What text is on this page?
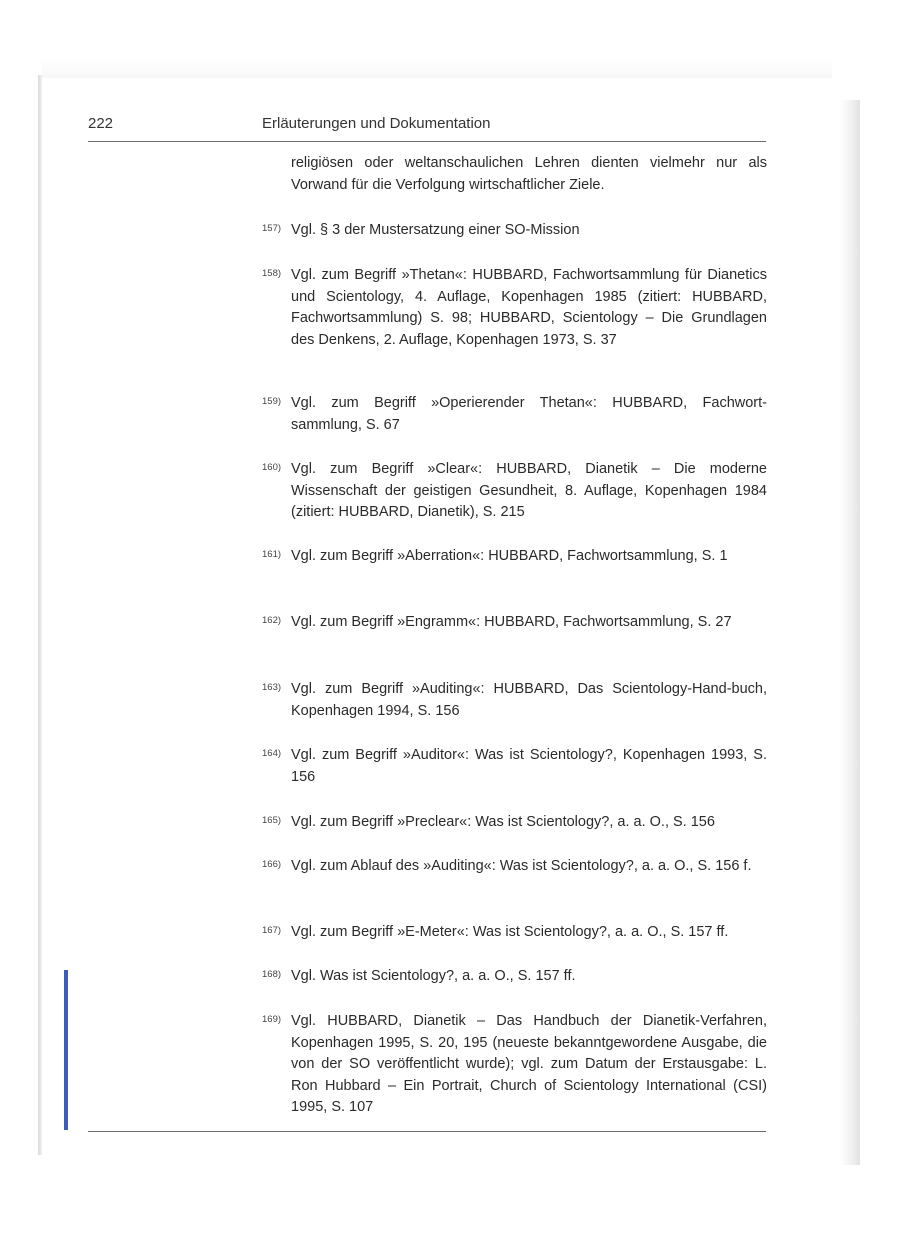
222	Erläuterungen und Dokumentation
religiösen oder weltanschaulichen Lehren dienten vielmehr nur als Vorwand für die Verfolgung wirtschaftlicher Ziele.
157) Vgl. § 3 der Mustersatzung einer SO-Mission
158) Vgl. zum Begriff »Thetan«: HUBBARD, Fachwortsammlung für Dianetics und Scientology, 4. Auflage, Kopenhagen 1985 (zitiert: HUBBARD, Fachwortsammlung) S. 98; HUBBARD, Scientology – Die Grundlagen des Denkens, 2. Auflage, Kopenhagen 1973, S. 37
159) Vgl. zum Begriff »Operierender Thetan«: HUBBARD, Fachwort-sammlung, S. 67
160) Vgl. zum Begriff »Clear«: HUBBARD, Dianetik – Die moderne Wissenschaft der geistigen Gesundheit, 8. Auflage, Kopenhagen 1984 (zitiert: HUBBARD, Dianetik), S. 215
161) Vgl. zum Begriff »Aberration«: HUBBARD, Fachwortsammlung, S. 1
162) Vgl. zum Begriff »Engramm«: HUBBARD, Fachwortsammlung, S. 27
163) Vgl. zum Begriff »Auditing«: HUBBARD, Das Scientology-Hand-buch, Kopenhagen 1994, S. 156
164) Vgl. zum Begriff »Auditor«: Was ist Scientology?, Kopenhagen 1993, S. 156
165) Vgl. zum Begriff »Preclear«: Was ist Scientology?, a. a. O., S. 156
166) Vgl. zum Ablauf des »Auditing«: Was ist Scientology?, a. a. O., S. 156 f.
167) Vgl. zum Begriff »E-Meter«: Was ist Scientology?, a. a. O., S. 157 ff.
168) Vgl. Was ist Scientology?, a. a. O., S. 157 ff.
169) Vgl. HUBBARD, Dianetik – Das Handbuch der Dianetik-Verfahren, Kopenhagen 1995, S. 20, 195 (neueste bekanntgewordene Ausgabe, die von der SO veröffentlicht wurde); vgl. zum Datum der Erstausgabe: L. Ron Hubbard – Ein Portrait, Church of Scientology International (CSI) 1995, S. 107
